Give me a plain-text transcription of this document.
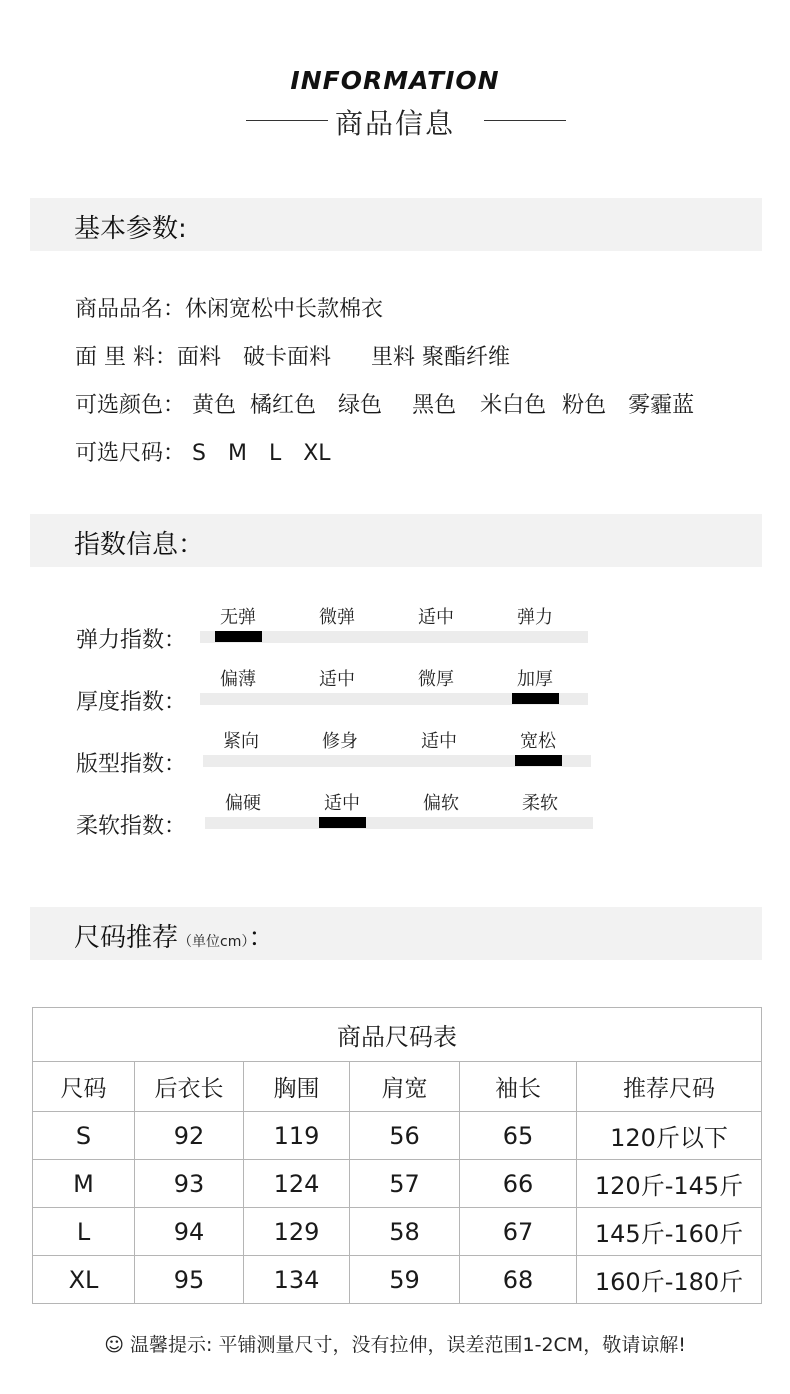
INFORMATION
商品信息
基本参数:
商品品名：休闲宽松中长款棉衣
面 里 料：面料　破卡面料 里料 聚酯纤维
可选颜色： 黄色 橘红色 绿色 黑色 米白色 粉色 雾霾蓝
可选尺码： S M L XL
指数信息：
弹力指数：
无弹	微弹	适中	弹力
厚度指数：
偏薄	适中	微厚	加厚
版型指数：
紧向	修身	适中	宽松
柔软指数：
偏硬	适中	偏软	柔软
尺码推荐（单位cm）：
商品尺码表					
尺码	后衣长	胸围	肩宽	袖长	推荐尺码
S	92	119	56	65	120斤以下
M	93	124	57	66	120斤-145斤
L	94	129	58	67	145斤-160斤
XL	95	134	59	68	160斤-180斤
☺ 温馨提示: 平铺测量尺寸，没有拉伸，误差范围1-2CM，敬请谅解!
